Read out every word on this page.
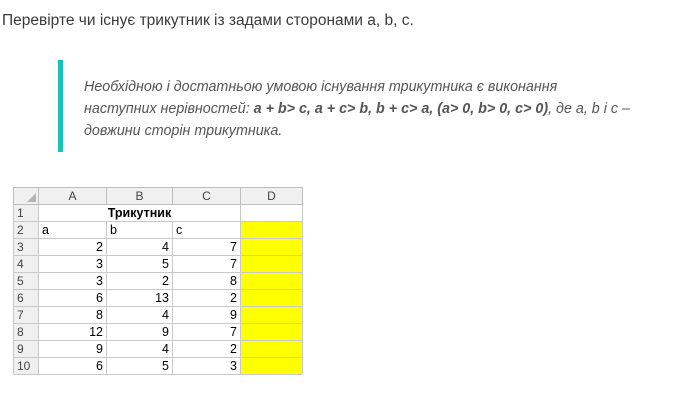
Перевірте чи існує трикутник із задами сторонами a, b, c.
Необхідною і достатньою умовою існування трикутника є виконання
наступних нерівностей: a + b> c, a + c> b, b + c> a, (a> 0, b> 0, c> 0), де a, b і c –
довжини сторін трикутника.
	A	B	C	D
1	Трикутник			
2	a	b	c	
3	2	4	7	
4	3	5	7	
5	3	2	8	
6	6	13	2	
7	8	4	9	
8	12	9	7	
9	9	4	2	
10	6	5	3	
